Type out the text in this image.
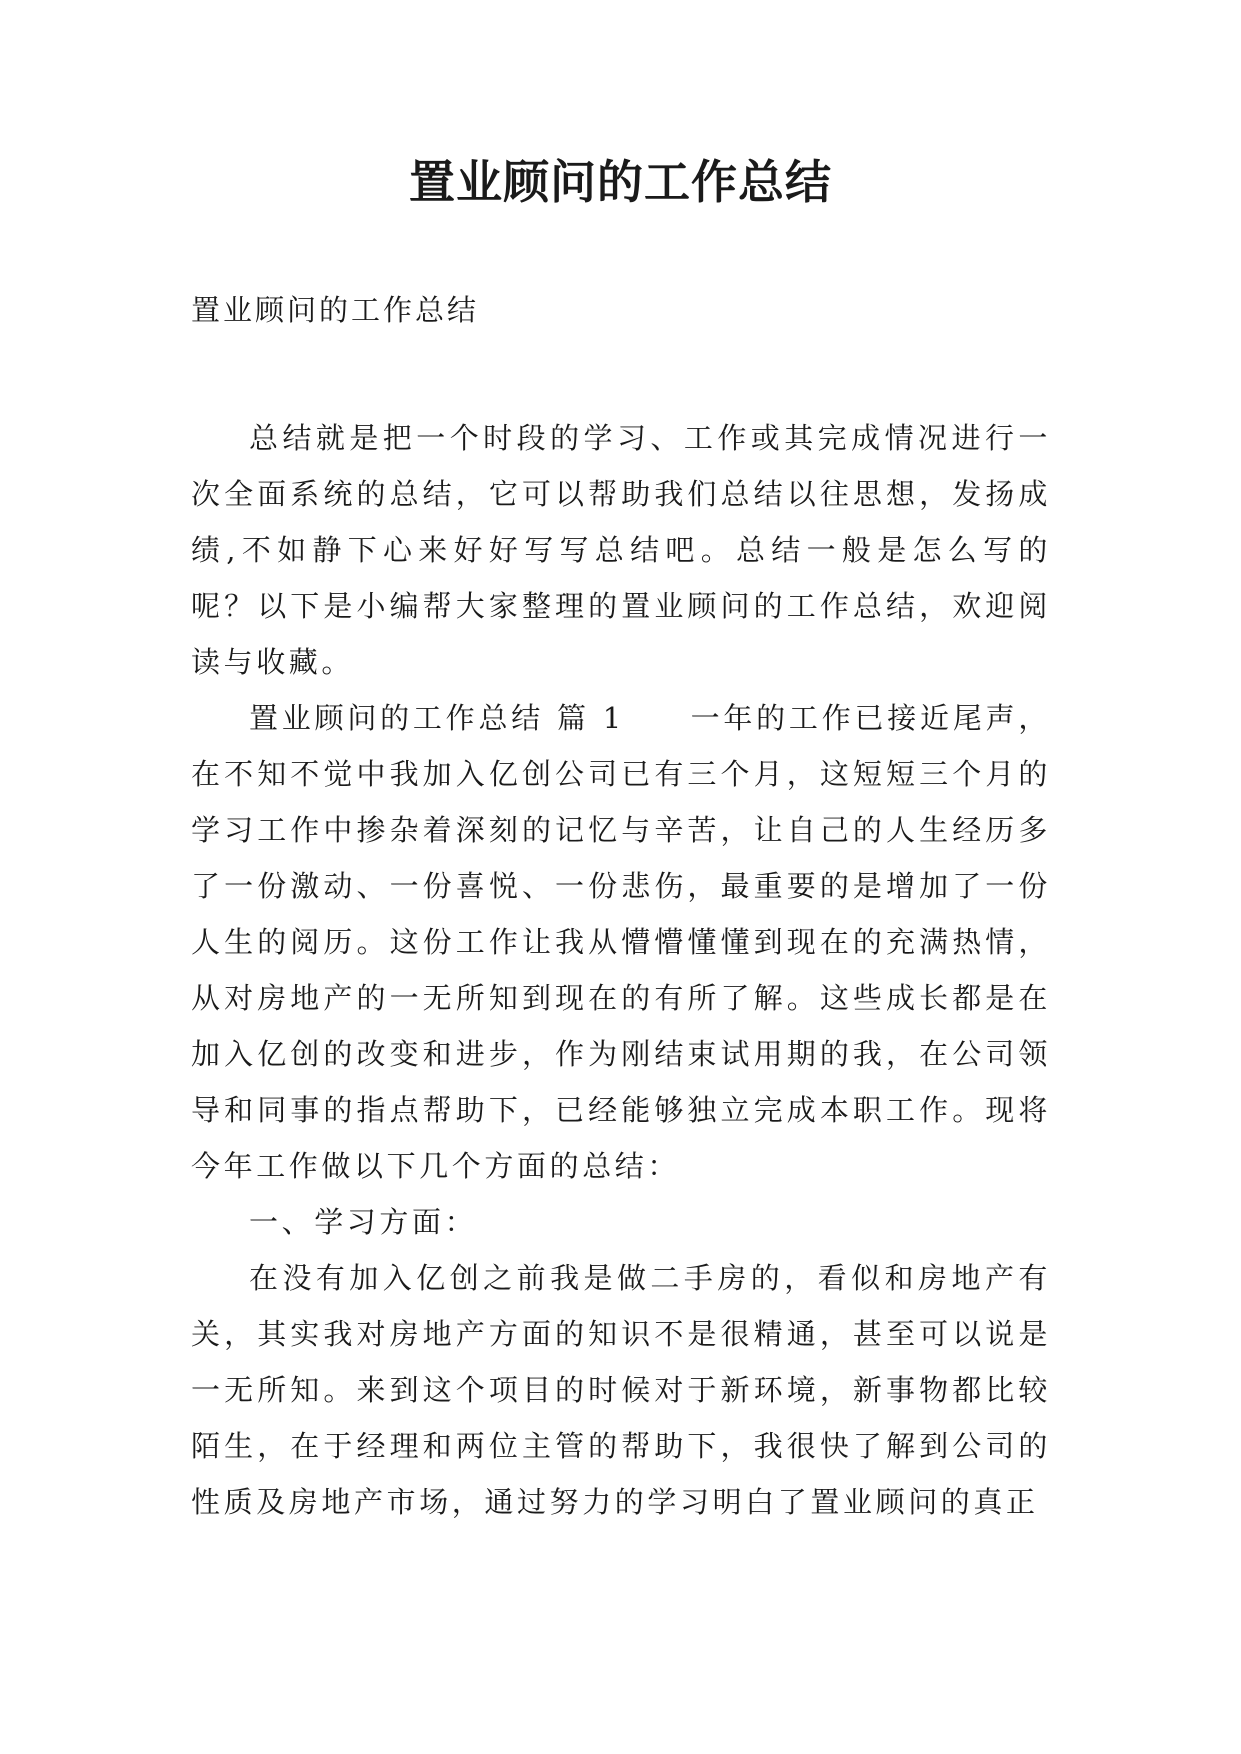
置业顾问的工作总结
置业顾问的工作总结

总结就是把一个时段的学习、工作或其完成情况进行一次全面系统的总结，它可以帮助我们总结以往思想，发扬成绩,不如静下心来好好写写总结吧。总结一般是怎么写的呢？以下是小编帮大家整理的置业顾问的工作总结，欢迎阅读与收藏。

置业顾问的工作总结 篇 1　　一年的工作已接近尾声，在不知不觉中我加入亿创公司已有三个月，这短短三个月的学习工作中掺杂着深刻的记忆与辛苦，让自己的人生经历多了一份激动、一份喜悦、一份悲伤，最重要的是增加了一份人生的阅历。这份工作让我从懵懵懂懂到现在的充满热情，从对房地产的一无所知到现在的有所了解。这些成长都是在加入亿创的改变和进步，作为刚结束试用期的我，在公司领导和同事的指点帮助下，已经能够独立完成本职工作。现将今年工作做以下几个方面的总结：

一、学习方面：

在没有加入亿创之前我是做二手房的，看似和房地产有关，其实我对房地产方面的知识不是很精通，甚至可以说是一无所知。来到这个项目的时候对于新环境，新事物都比较陌生，在于经理和两位主管的帮助下，我很快了解到公司的性质及房地产市场，通过努力的学习明白了置业顾问的真正
